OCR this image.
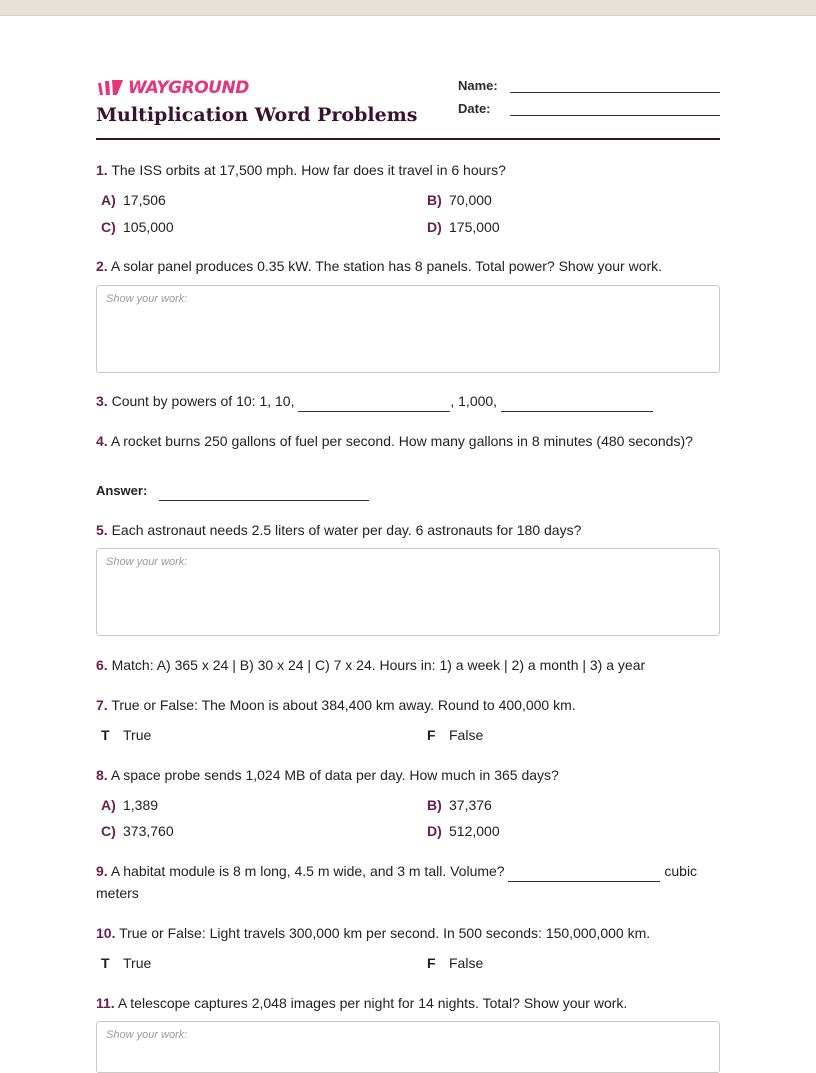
WAYGROUND
Multiplication Word Problems
Name:
Date:
1. The ISS orbits at 17,500 mph. How far does it travel in 6 hours?
A) 17,506	B) 70,000
C) 105,000	D) 175,000
2. A solar panel produces 0.35 kW. The station has 8 panels. Total power? Show your work.
Show your work:
3. Count by powers of 10: 1, 10,	, 1,000,
4. A rocket burns 250 gallons of fuel per second. How many gallons in 8 minutes (480 seconds)?
Answer:
5. Each astronaut needs 2.5 liters of water per day. 6 astronauts for 180 days?
Show your work:
6. Match: A) 365 x 24 | B) 30 x 24 | C) 7 x 24. Hours in: 1) a week | 2) a month | 3) a year
7. True or False: The Moon is about 384,400 km away. Round to 400,000 km.
T True	F False
8. A space probe sends 1,024 MB of data per day. How much in 365 days?
A) 1,389	B) 37,376
C) 373,760	D) 512,000
9. A habitat module is 8 m long, 4.5 m wide, and 3 m tall. Volume?	cubic
meters
10. True or False: Light travels 300,000 km per second. In 500 seconds: 150,000,000 km.
T True	F False
11. A telescope captures 2,048 images per night for 14 nights. Total? Show your work.
Show your work:
